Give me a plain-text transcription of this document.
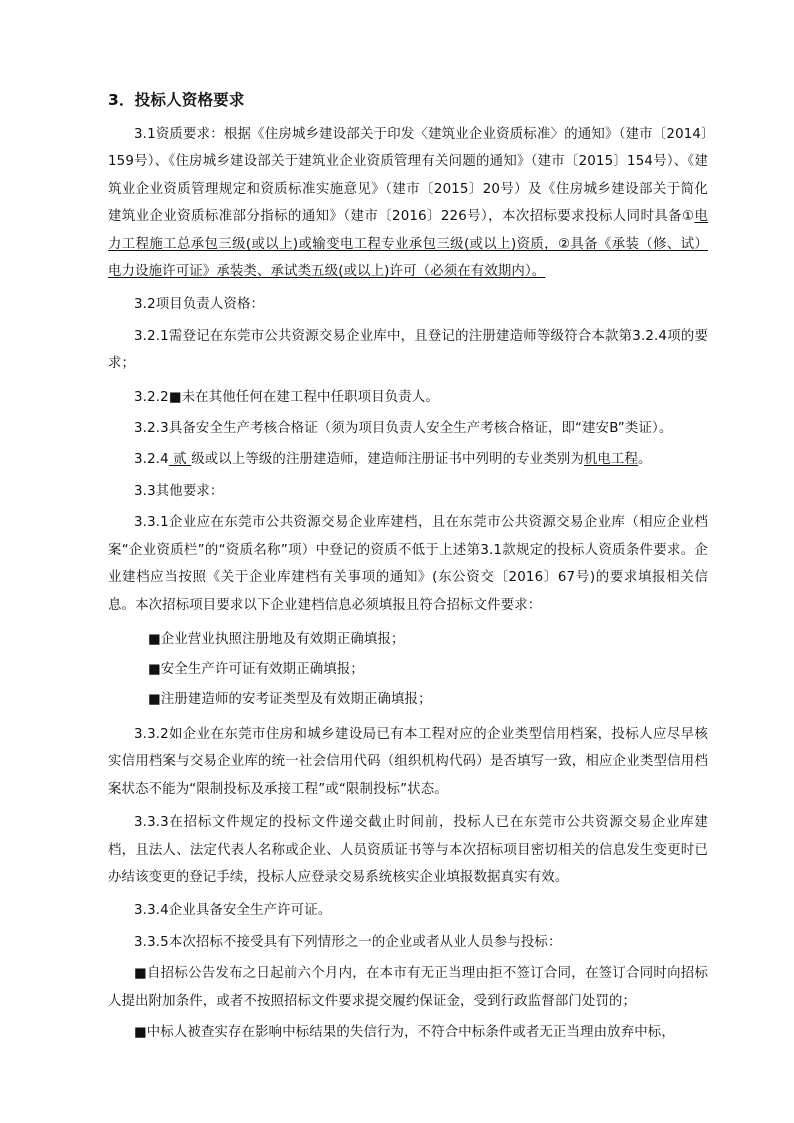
3．投标人资格要求

3.1资质要求：根据《住房城乡建设部关于印发〈建筑业企业资质标准〉的通知》（建市〔2014〕159号）、《住房城乡建设部关于建筑业企业资质管理有关问题的通知》（建市〔2015〕154号）、《建筑业企业资质管理规定和资质标准实施意见》（建市〔2015〕20号）及《住房城乡建设部关于简化建筑业企业资质标准部分指标的通知》（建市〔2016〕226号），本次招标要求投标人同时具备①电力工程施工总承包三级(或以上)或输变电工程专业承包三级(或以上)资质，②具备《承装（修、试）电力设施许可证》承装类、承试类五级(或以上)许可（必须在有效期内）。

3.2项目负责人资格：

3.2.1需登记在东莞市公共资源交易企业库中，且登记的注册建造师等级符合本款第3.2.4项的要求；

3.2.2■未在其他任何在建工程中任职项目负责人。

3.2.3具备安全生产考核合格证（须为项目负责人安全生产考核合格证，即“建安B”类证）。

3.2.4 贰 级或以上等级的注册建造师，建造师注册证书中列明的专业类别为机电工程。

3.3其他要求：

3.3.1企业应在东莞市公共资源交易企业库建档，且在东莞市公共资源交易企业库（相应企业档案“企业资质栏”的“资质名称”项）中登记的资质不低于上述第3.1款规定的投标人资质条件要求。企业建档应当按照《关于企业库建档有关事项的通知》(东公资交〔2016〕67号)的要求填报相关信息。本次招标项目要求以下企业建档信息必须填报且符合招标文件要求：

■企业营业执照注册地及有效期正确填报；
■安全生产许可证有效期正确填报；
■注册建造师的安考证类型及有效期正确填报；

3.3.2如企业在东莞市住房和城乡建设局已有本工程对应的企业类型信用档案，投标人应尽早核实信用档案与交易企业库的统一社会信用代码（组织机构代码）是否填写一致，相应企业类型信用档案状态不能为“限制投标及承接工程”或“限制投标”状态。

3.3.3在招标文件规定的投标文件递交截止时间前，投标人已在东莞市公共资源交易企业库建档，且法人、法定代表人名称或企业、人员资质证书等与本次招标项目密切相关的信息发生变更时已办结该变更的登记手续，投标人应登录交易系统核实企业填报数据真实有效。

3.3.4企业具备安全生产许可证。

3.3.5本次招标不接受具有下列情形之一的企业或者从业人员参与投标：

■自招标公告发布之日起前六个月内，在本市有无正当理由拒不签订合同，在签订合同时向招标人提出附加条件，或者不按照招标文件要求提交履约保证金，受到行政监督部门处罚的；

■中标人被查实存在影响中标结果的失信行为，不符合中标条件或者无正当理由放弃中标，
